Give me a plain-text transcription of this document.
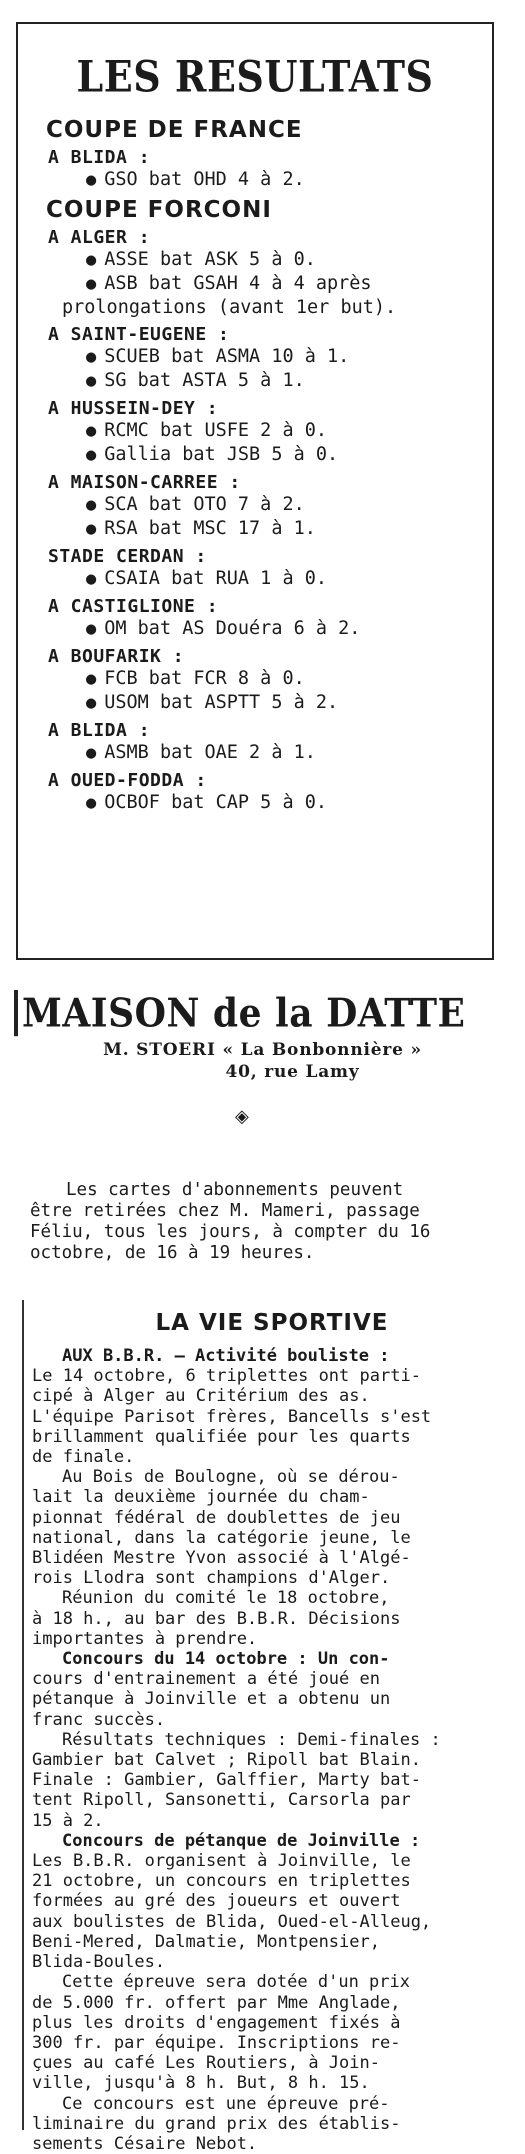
LES RESULTATS
COUPE DE FRANCE
A BLIDA :
● GSO bat OHD 4 à 2.
COUPE FORCONI
A ALGER :
● ASSE bat ASK 5 à 0.
● ASB bat GSAH 4 à 4 après
prolongations (avant 1er but).
A SAINT-EUGENE :
● SCUEB bat ASMA 10 à 1.
● SG bat ASTA 5 à 1.
A HUSSEIN-DEY :
● RCMC bat USFE 2 à 0.
● Gallia bat JSB 5 à 0.
A MAISON-CARREE :
● SCA bat OTO 7 à 2.
● RSA bat MSC 17 à 1.
STADE CERDAN :
● CSAIA bat RUA 1 à 0.
A CASTIGLIONE :
● OM bat AS Douéra 6 à 2.
A BOUFARIK :
● FCB bat FCR 8 à 0.
● USOM bat ASPTT 5 à 2.
A BLIDA :
● ASMB bat OAE 2 à 1.
A OUED-FODDA :
● OCBOF bat CAP 5 à 0.
MAISON de la DATTE
M. STOERI « La Bonbonnière »
40, rue Lamy
◈
Les cartes d'abonnements peuvent
être retirées chez M. Mameri, passage
Féliu, tous les jours, à compter du 16
octobre, de 16 à 19 heures.
LA VIE SPORTIVE
AUX B.B.R. — Activité bouliste :
Le 14 octobre, 6 triplettes ont parti-
cipé à Alger au Critérium des as.
L'équipe Parisot frères, Bancells s'est
brillamment qualifiée pour les quarts
de finale.
Au Bois de Boulogne, où se dérou-
lait la deuxième journée du cham-
pionnat fédéral de doublettes de jeu
national, dans la catégorie jeune, le
Blidéen Mestre Yvon associé à l'Algé-
rois Llodra sont champions d'Alger.
Réunion du comité le 18 octobre,
à 18 h., au bar des B.B.R. Décisions
importantes à prendre.
Concours du 14 octobre : Un con-
cours d'entrainement a été joué en
pétanque à Joinville et a obtenu un
franc succès.
Résultats techniques : Demi-finales :
Gambier bat Calvet ; Ripoll bat Blain.
Finale : Gambier, Galffier, Marty bat-
tent Ripoll, Sansonetti, Carsorla par
15 à 2.
Concours de pétanque de Joinville :
Les B.B.R. organisent à Joinville, le
21 octobre, un concours en triplettes
formées au gré des joueurs et ouvert
aux boulistes de Blida, Oued-el-Alleug,
Beni-Mered, Dalmatie, Montpensier,
Blida-Boules.
Cette épreuve sera dotée d'un prix
de 5.000 fr. offert par Mme Anglade,
plus les droits d'engagement fixés à
300 fr. par équipe. Inscriptions re-
çues au café Les Routiers, à Join-
ville, jusqu'à 8 h. But, 8 h. 15.
Ce concours est une épreuve pré-
liminaire du grand prix des établis-
sements Césaire Nebot.
